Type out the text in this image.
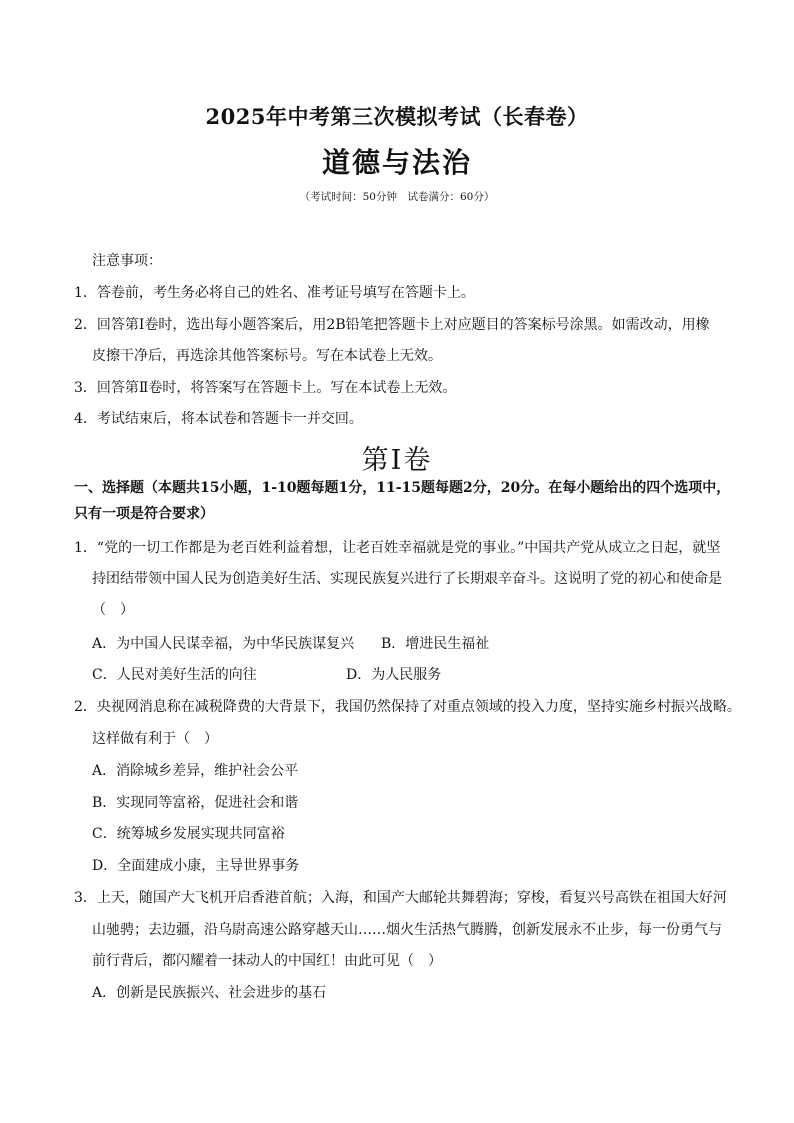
2025年中考第三次模拟考试（长春卷）
道德与法治
（考试时间：50分钟　试卷满分：60分）
注意事项：
1．答卷前，考生务必将自己的姓名、准考证号填写在答题卡上。
2．回答第Ⅰ卷时，选出每小题答案后，用2B铅笔把答题卡上对应题目的答案标号涂黑。如需改动，用橡
皮擦干净后，再选涂其他答案标号。写在本试卷上无效。
3．回答第Ⅱ卷时，将答案写在答题卡上。写在本试卷上无效。
4．考试结束后，将本试卷和答题卡一并交回。
第Ⅰ卷
一、选择题（本题共15小题，1-10题每题1分，11-15题每题2分，20分。在每小题给出的四个选项中，
只有一项是符合要求）
1．“党的一切工作都是为老百姓利益着想，让老百姓幸福就是党的事业。”中国共产党从成立之日起，就坚
持团结带领中国人民为创造美好生活、实现民族复兴进行了长期艰辛奋斗。这说明了党的初心和使命是
（　）
A．为中国人民谋幸福，为中华民族谋复兴 B．增进民生福祉
C．人民对美好生活的向往	D．为人民服务
2．央视网消息称在减税降费的大背景下，我国仍然保持了对重点领域的投入力度，坚持实施乡村振兴战略。
这样做有利于（　）
A．消除城乡差异，维护社会公平
B．实现同等富裕，促进社会和谐
C．统筹城乡发展实现共同富裕
D．全面建成小康，主导世界事务
3．上天，随国产大飞机开启香港首航；入海，和国产大邮轮共舞碧海；穿梭，看复兴号高铁在祖国大好河
山驰骋；去边疆，沿乌尉高速公路穿越天山……烟火生活热气腾腾，创新发展永不止步，每一份勇气与
前行背后，都闪耀着一抹动人的中国红！由此可见（　）
A．创新是民族振兴、社会进步的基石
